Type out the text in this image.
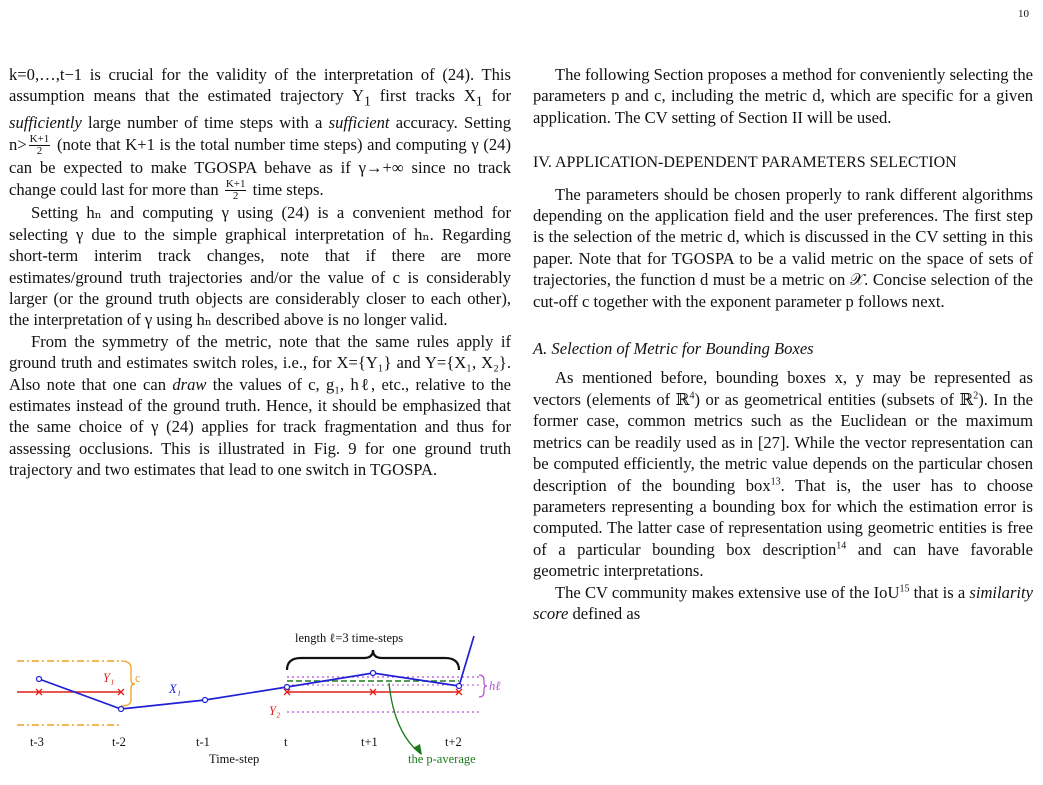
10

k=0,…,t−1 is crucial for the validity of the interpretation of (24). This assumption means that the estimated trajectory $Y_1$ first tracks $X_1$ for sufficiently large number of time steps with a sufficient accuracy. Setting $n> \frac{K+1}{2}$ (note that K+1 is the total number time steps) and computing γ (24) can be expected to make TGOSPA behave as if γ→+∞ since no track change could last for more than $\frac{K+1}{2}$ time steps.

Setting hₙ and computing γ using (24) is a convenient method for selecting γ due to the simple graphical interpretation of hₙ. Regarding short-term interim track changes, note that if there are more estimates/ground truth trajectories and/or the value of c is considerably larger (or the ground truth objects are considerably closer to each other), the interpretation of γ using hₙ described above is no longer valid.

From the symmetry of the metric, note that the same rules apply if ground truth and estimates switch roles, i.e., for X={Y₁} and Y={X₁, X₂}. Also note that one can draw the values of c, g₁, hℓ, etc., relative to the estimates instead of the ground truth. Hence, it should be emphasized that the same choice of γ (24) applies for track fragmentation and thus for assessing occlusions. This is illustrated in Fig. 9 for one ground truth trajectory and two estimates that lead to one switch in TGOSPA.

The following Section proposes a method for conveniently selecting the parameters p and c, including the metric d, which are specific for a given application. The CV setting of Section II will be used.

IV. APPLICATION-DEPENDENT PARAMETERS SELECTION

The parameters should be chosen properly to rank different algorithms depending on the application field and the user preferences. The first step is the selection of the metric d, which is discussed in the CV setting in this paper. Note that for TGOSPA to be a valid metric on the space of sets of trajectories, the function d must be a metric on 𝒳. Concise selection of the cut-off c together with the exponent parameter p follows next.

A. Selection of Metric for Bounding Boxes

As mentioned before, bounding boxes x, y may be represented as vectors (elements of ℝ$^4$) or as geometrical entities (subsets of ℝ$^2$). In the former case, common metrics such as the Euclidean or the maximum metrics can be readily used as in [27]. While the vector representation can be computed efficiently, the metric value depends on the particular chosen description of the bounding box$^{13}$. That is, the user has to choose parameters representing a bounding box for which the estimation error is computed. The latter case of representation using geometric entities is free of a particular bounding box description$^{14}$ and can have favorable geometric interpretations.

The CV community makes extensive use of the IoU$^{15}$ that is a similarity score defined as

length ℓ=3 time-steps
c
Y₁
X₁
Y₂
hℓ
t-3	t-2	t-1	t	t+1	t+2
Time-step	the p-average
